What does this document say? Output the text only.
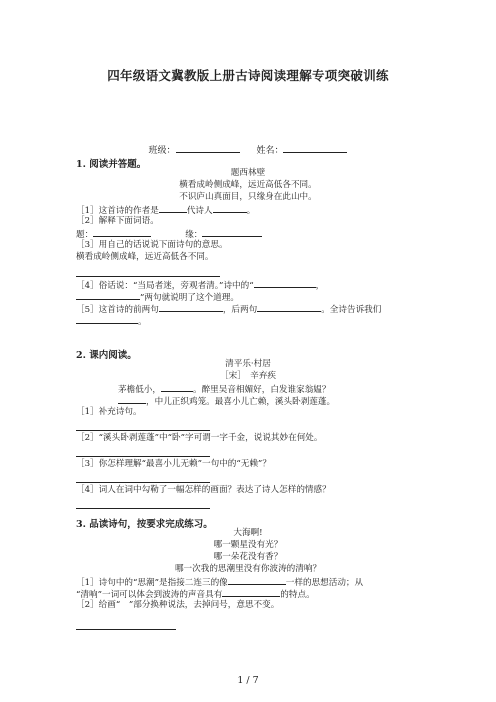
四年级语文冀教版上册古诗阅读理解专项突破训练
班级：	姓名：
1. 阅读并答题。
题西林壁
横看成岭侧成峰，远近高低各不同。
不识庐山真面目，只缘身在此山中。
［1］这首诗的作者是	代诗人	。
［2］解释下面词语。
题：	缘：
［3］用自己的话说说下面诗句的意思。
横看成岭侧成峰，远近高低各不同。
［4］俗话说：“当局者迷，旁观者清。”诗中的“	，
”两句就说明了这个道理。
［5］这首诗的前两句	，后两句	。全诗告诉我们
。
2. 课内阅读。
清平乐·村居
［宋］　辛弃疾
茅檐低小，	。醉里吴音相媚好，白发谁家翁媪？
，中儿正织鸡笼。最喜小儿亡赖，溪头卧剥莲蓬。
［1］补充诗句。
［2］“溪头卧剥莲蓬”中“卧”字可谓一字千金，说说其妙在何处。
［3］你怎样理解“最喜小儿无赖”一句中的“无赖”？
［4］词人在词中勾勒了一幅怎样的画面？表达了诗人怎样的情感？
3. 品读诗句，按要求完成练习。
大海啊!
哪一颗星没有光？
哪一朵花没有香？
哪一次我的思潮里没有你波涛的清响？
［1］诗句中的“思潮”是指接二连三的像	一样的思想活动；从
“清响”一词可以体会到波涛的声音具有	的特点。
［2］给画“　”部分换种说法，去掉问号，意思不变。
1 / 7
